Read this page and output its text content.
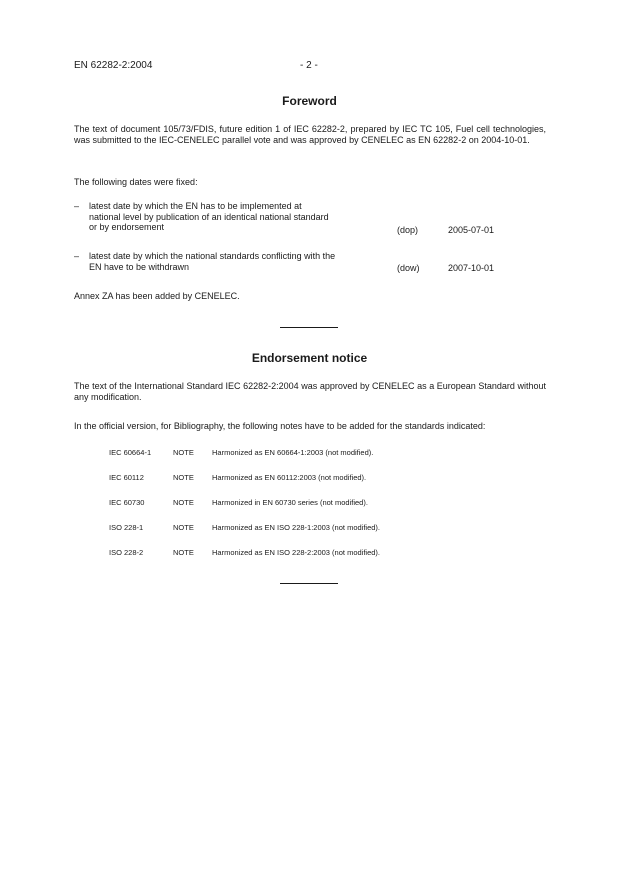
EN 62282-2:2004	- 2 -
Foreword

The text of document 105/73/FDIS, future edition 1 of IEC 62282-2, prepared by IEC TC 105, Fuel cell technologies, was submitted to the IEC-CENELEC parallel vote and was approved by CENELEC as EN 62282-2 on 2004-10-01.

The following dates were fixed:

– latest date by which the EN has to be implemented at national level by publication of an identical national standard or by endorsement	(dop)	2005-07-01
– latest date by which the national standards conflicting with the EN have to be withdrawn	(dow)	2007-10-01

Annex ZA has been added by CENELEC.

Endorsement notice

The text of the International Standard IEC 62282-2:2004 was approved by CENELEC as a European Standard without any modification.

In the official version, for Bibliography, the following notes have to be added for the standards indicated:

IEC 60664-1	NOTE Harmonized as EN 60664-1:2003 (not modified).
IEC 60112	NOTE Harmonized as EN 60112:2003 (not modified).
IEC 60730	NOTE Harmonized in EN 60730 series (not modified).
ISO 228-1	NOTE Harmonized as EN ISO 228-1:2003 (not modified).
ISO 228-2	NOTE Harmonized as EN ISO 228-2:2003 (not modified).
